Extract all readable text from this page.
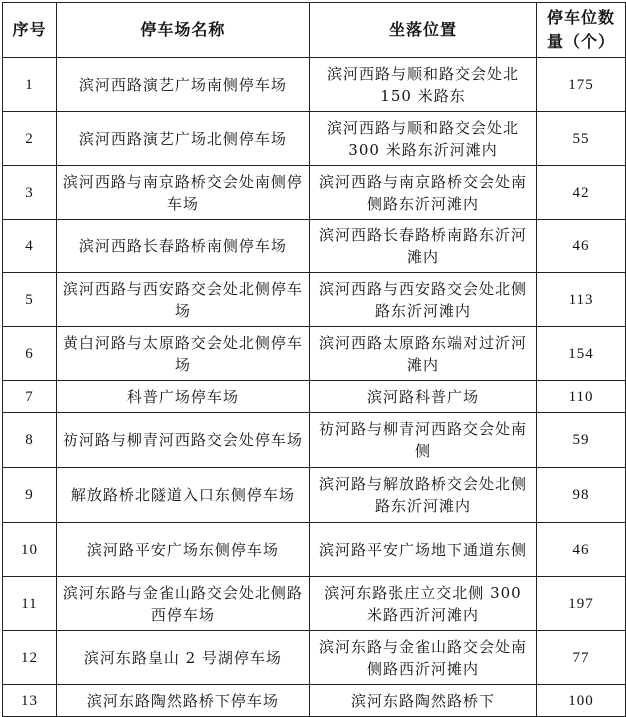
序号	停车场名称	坐落位置	停车位数量（个）
1	滨河西路演艺广场南侧停车场	滨河西路与顺和路交会处北 150 米路东	175
2	滨河西路演艺广场北侧停车场	滨河西路与顺和路交会处北 300 米路东沂河滩内	55
3	滨河西路与南京路桥交会处南侧停车场	滨河西路与南京路桥交会处南侧路东沂河滩内	42
4	滨河西路长春路桥南侧停车场	滨河西路长春路桥南路东沂河滩内	46
5	滨河西路与西安路交会处北侧停车场	滨河西路与西安路交会处北侧路东沂河滩内	113
6	黄白河路与太原路交会处北侧停车场	滨河西路太原路东端对过沂河滩内	154
7	科普广场停车场	滨河路科普广场	110
8	祊河路与柳青河西路交会处停车场	祊河路与柳青河西路交会处南侧	59
9	解放路桥北隧道入口东侧停车场	滨河路与解放路桥交会处北侧路东沂河滩内	98
10	滨河路平安广场东侧停车场	滨河路平安广场地下通道东侧	46
11	滨河东路与金雀山路交会处北侧路西停车场	滨河东路张庄立交北侧 300 米路西沂河滩内	197
12	滨河东路皇山 2 号湖停车场	滨河东路与金雀山路交会处南侧路西沂河摊内	77
13	滨河东路陶然路桥下停车场	滨河东路陶然路桥下	100
